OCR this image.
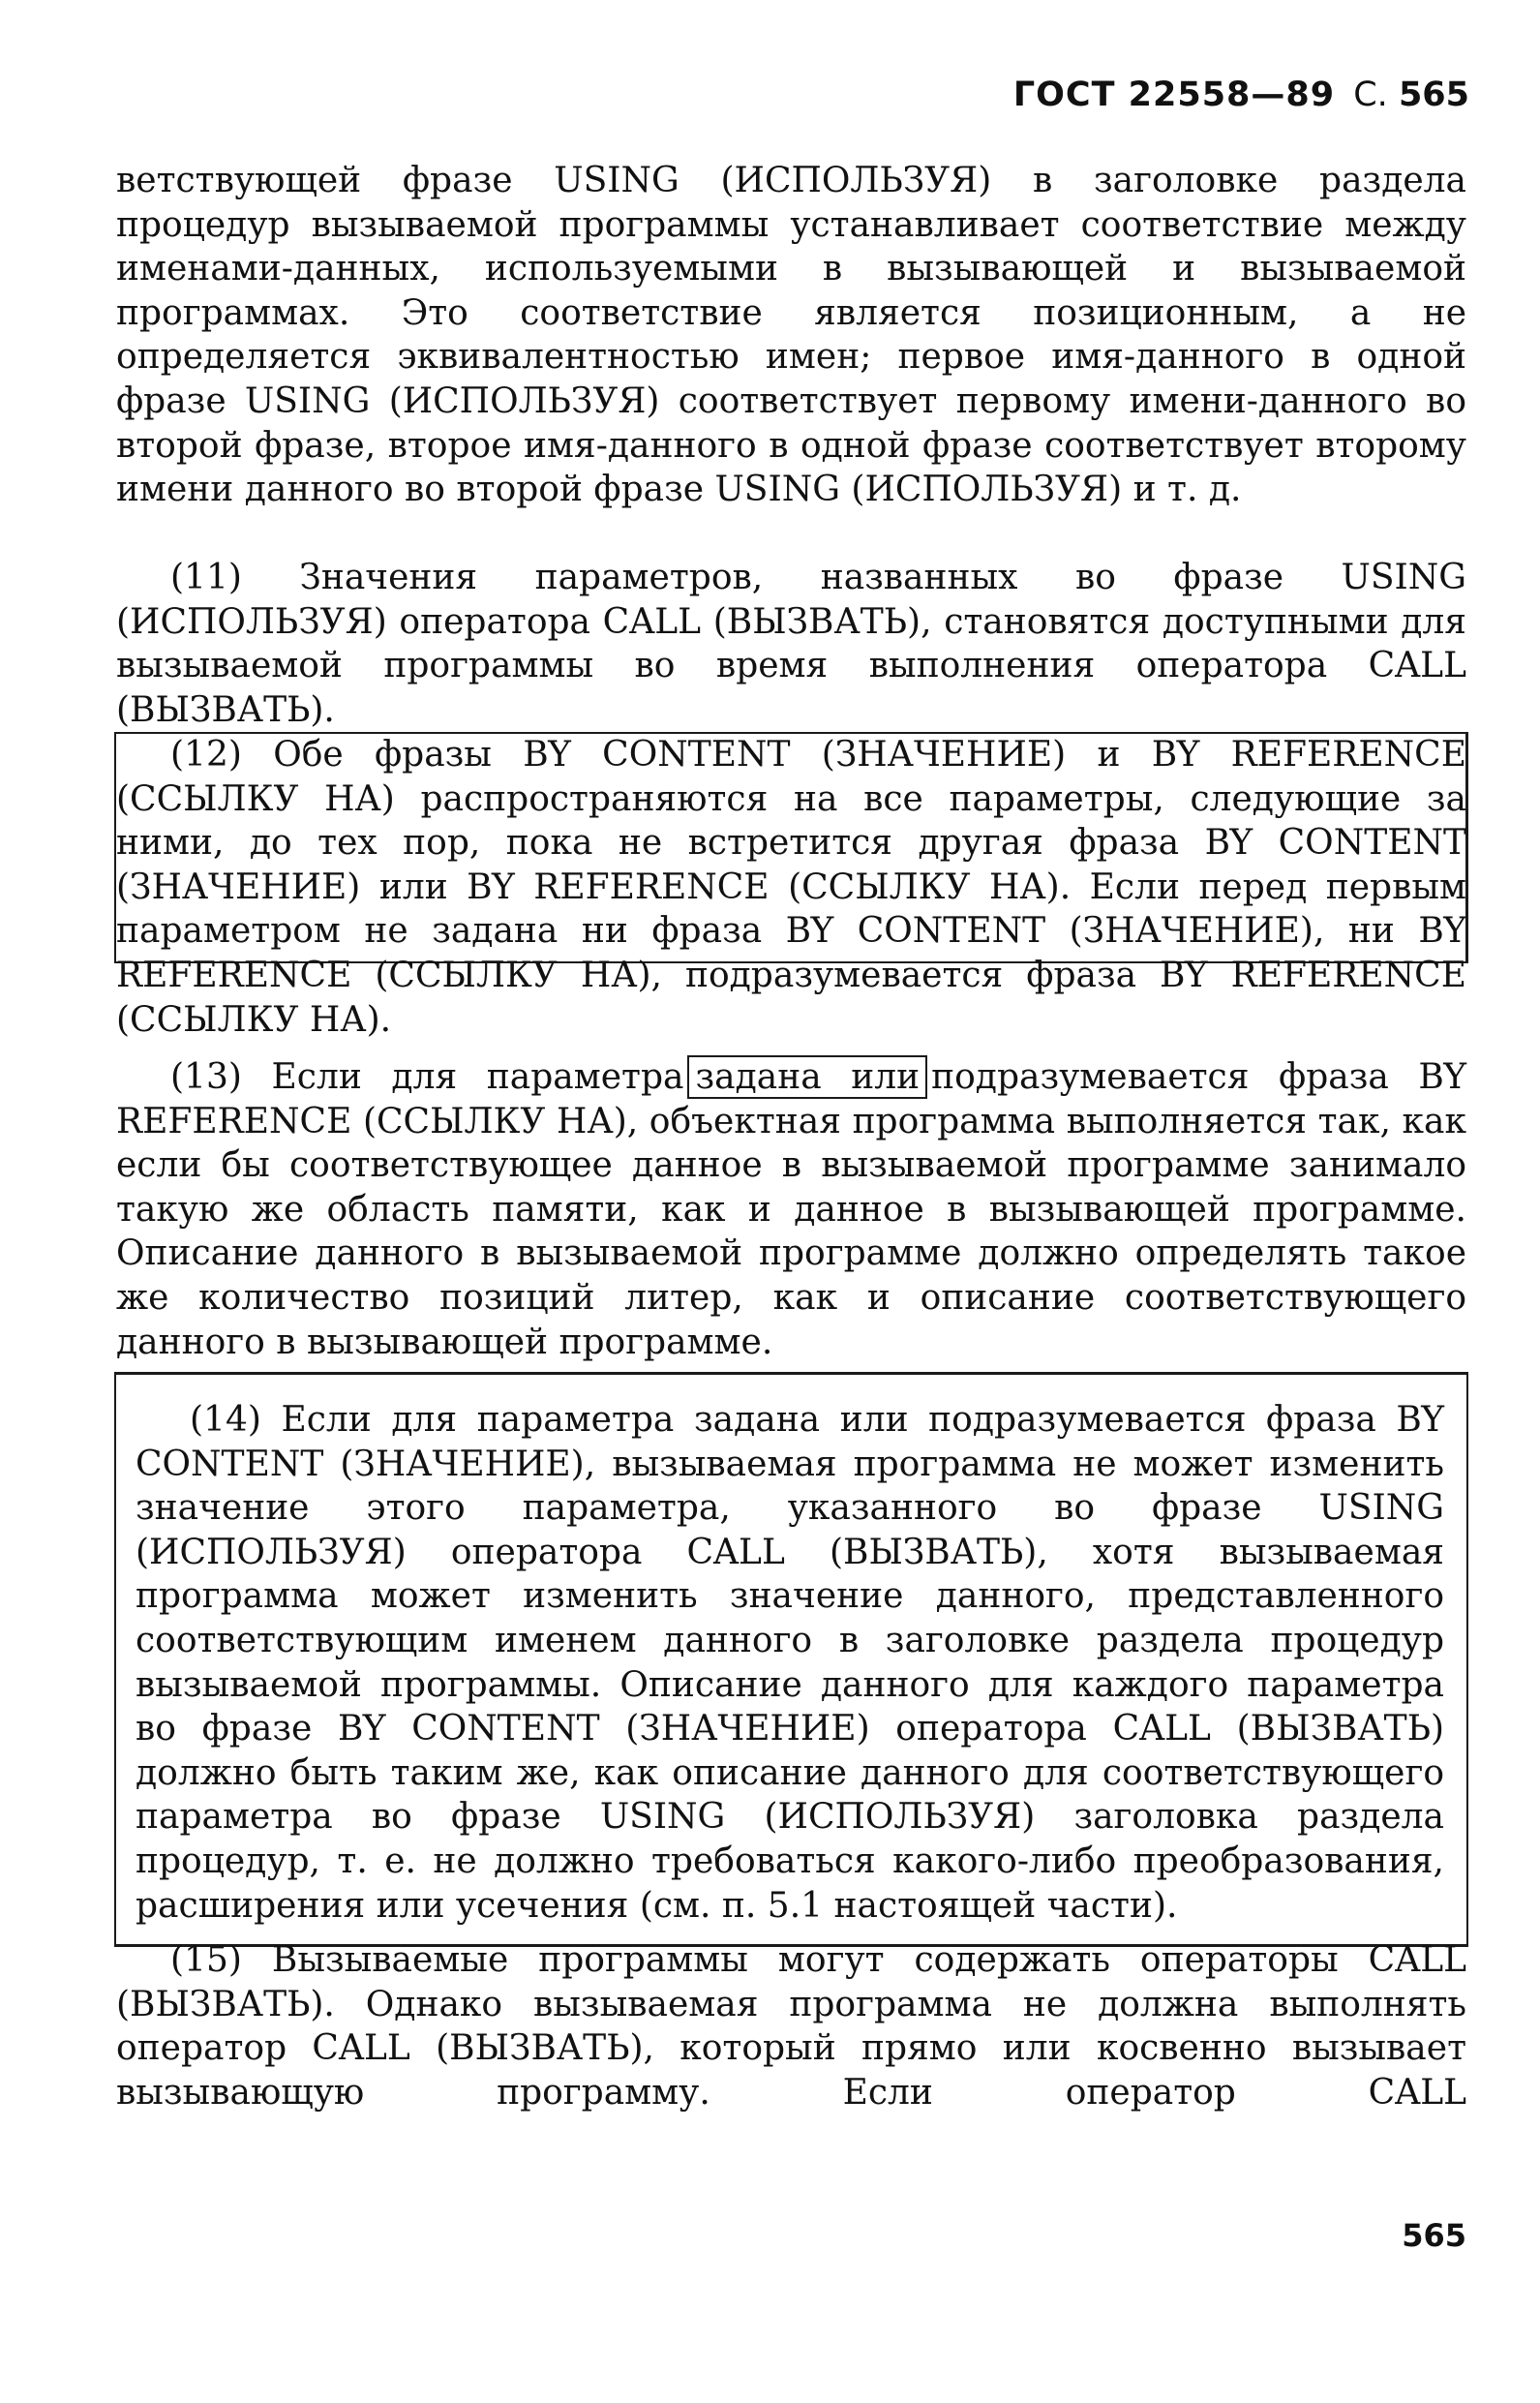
ГОСТ 22558—89 С. 565

ветствующей фразе USING (ИСПОЛЬЗУЯ) в заголовке раздела процедур вызываемой программы устанавливает соответствие между именами-данных, используемыми в вызывающей и вызываемой программах. Это соответствие является позиционным, а не определяется эквивалентностью имен; первое имя-данного в одной фразе USING (ИСПОЛЬЗУЯ) соответствует первому имени-данного во второй фразе, второе имя-данного в одной фразе соответствует второму имени данного во второй фразе USING (ИСПОЛЬЗУЯ) и т. д.

(11) Значения параметров, названных во фразе USING (ИСПОЛЬЗУЯ) оператора CALL (ВЫЗВАТЬ), становятся доступными для вызываемой программы во время выполнения оператора CALL (ВЫЗВАТЬ).

(12) Обе фразы BY CONTENT (ЗНАЧЕНИЕ) и BY REFERENCE (ССЫЛКУ НА) распространяются на все параметры, следующие за ними, до тех пор, пока не встретится другая фраза BY CONTENT (ЗНАЧЕНИЕ) или BY REFERENCE (ССЫЛКУ НА). Если перед первым параметром не задана ни фраза BY CONTENT (ЗНАЧЕНИЕ), ни BY REFERENCE (ССЫЛКУ НА), подразумевается фраза BY REFERENCE (ССЫЛКУ НА).

(13) Если для параметра задана или подразумевается фраза BY REFERENCE (ССЫЛКУ НА), объектная программа выполняется так, как если бы соответствующее данное в вызываемой программе занимало такую же область памяти, как и данное в вызывающей программе. Описание данного в вызываемой программе должно определять такое же количество позиций литер, как и описание соответствующего данного в вызывающей программе.

(14) Если для параметра задана или подразумевается фраза BY CONTENT (ЗНАЧЕНИЕ), вызываемая программа не может изменить значение этого параметра, указанного во фразе USING (ИСПОЛЬЗУЯ) оператора CALL (ВЫЗВАТЬ), хотя вызываемая программа может изменить значение данного, представленного соответствующим именем данного в заголовке раздела процедур вызываемой программы. Описание данного для каждого параметра во фразе BY CONTENT (ЗНАЧЕНИЕ) оператора CALL (ВЫЗВАТЬ) должно быть таким же, как описание данного для соответствующего параметра во фразе USING (ИСПОЛЬЗУЯ) заголовка раздела процедур, т. е. не должно требоваться какого-либо преобразования, расширения или усечения (см. п. 5.1 настоящей части).

(15) Вызываемые программы могут содержать операторы CALL (ВЫЗВАТЬ). Однако вызываемая программа не должна выполнять оператор CALL (ВЫЗВАТЬ), который прямо или косвенно вызывает вызывающую программу. Если оператор CALL

565
